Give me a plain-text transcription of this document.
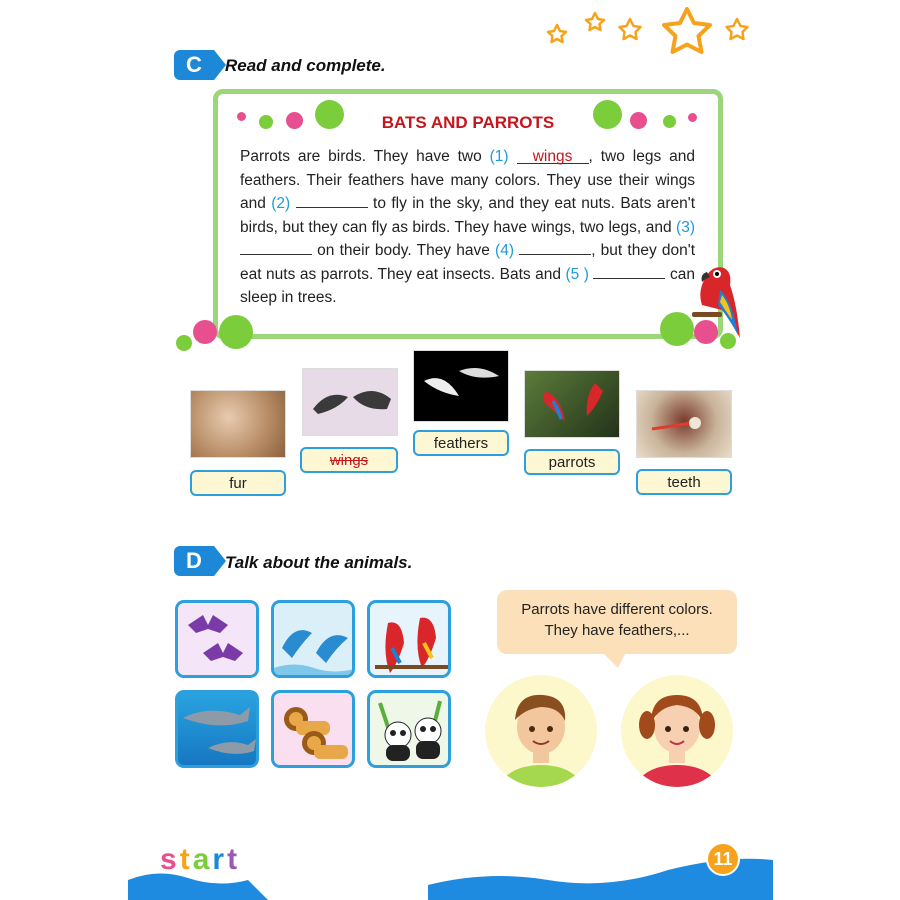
C Read and complete.
BATS AND PARROTS
Parrots are birds. They have two (1) wings , two legs and feathers. Their feathers have many colors. They use their wings and (2)	to fly in the sky, and they eat nuts. Bats aren't birds, but they can fly as birds. They have wings, two legs, and (3)  on their body. They have (4)	, but they don't eat nuts as parrots. They eat insects. Bats and (5 )	can sleep in trees.
fur
wings
feathers
parrots
teeth
D Talk about the animals.
Parrots have different colors.
They have feathers,...
start	11
